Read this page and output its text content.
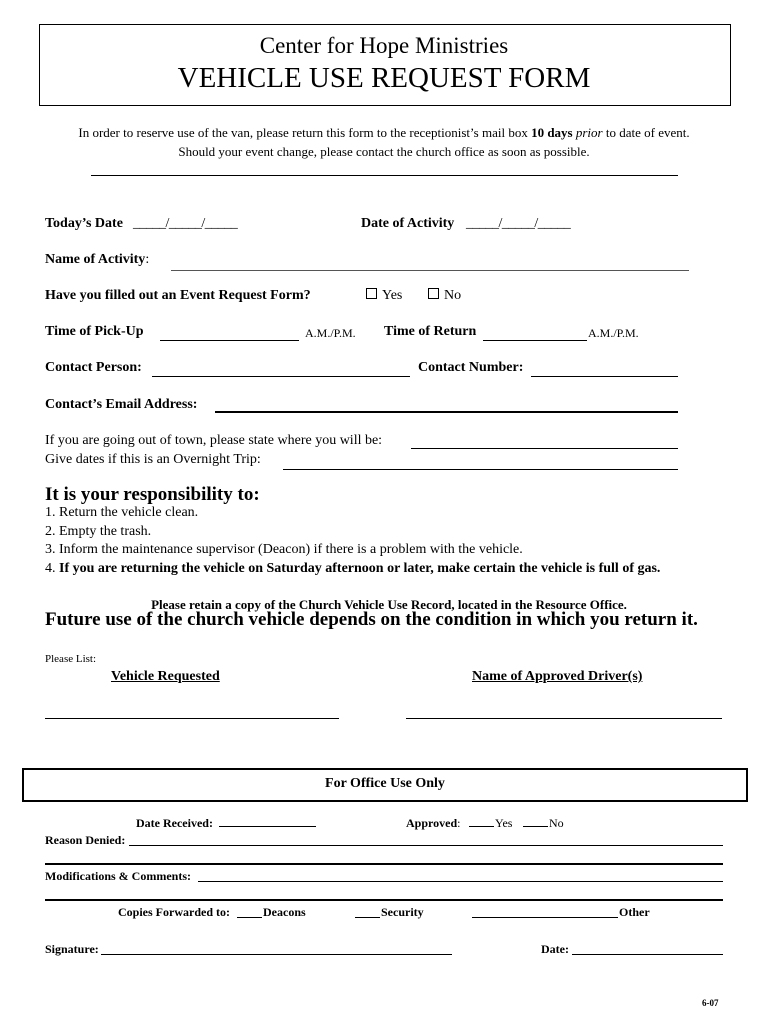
Center for Hope Ministries
VEHICLE USE REQUEST FORM
In order to reserve use of the van, please return this form to the receptionist’s mail box 10 days prior to date of event.
Should your event change, please contact the church office as soon as possible.
Today’s Date _____/_____/_____	Date of Activity _____/_____/_____
Name of Activity:
Have you filled out an Event Request Form?	Yes	No
Time of Pick-Up	A.M./P.M. Time of Return	A.M./P.M.
Contact Person:	Contact Number:
Contact’s Email Address:
If you are going out of town, please state where you will be:
Give dates if this is an Overnight Trip:
It is your responsibility to:
1. Return the vehicle clean.
2. Empty the trash.
3. Inform the maintenance supervisor (Deacon) if there is a problem with the vehicle.
4. If you are returning the vehicle on Saturday afternoon or later, make certain the vehicle is full of gas.
Please retain a copy of the Church Vehicle Use Record, located in the Resource Office.
Future use of the church vehicle depends on the condition in which you return it.
Please List:
Vehicle Requested	Name of Approved Driver(s)
For Office Use Only
Date Received:	Approved:	Yes	No
Reason Denied:
Modifications & Comments:
Copies Forwarded to:	Deacons	Security	Other
Signature:	Date:
6-07
